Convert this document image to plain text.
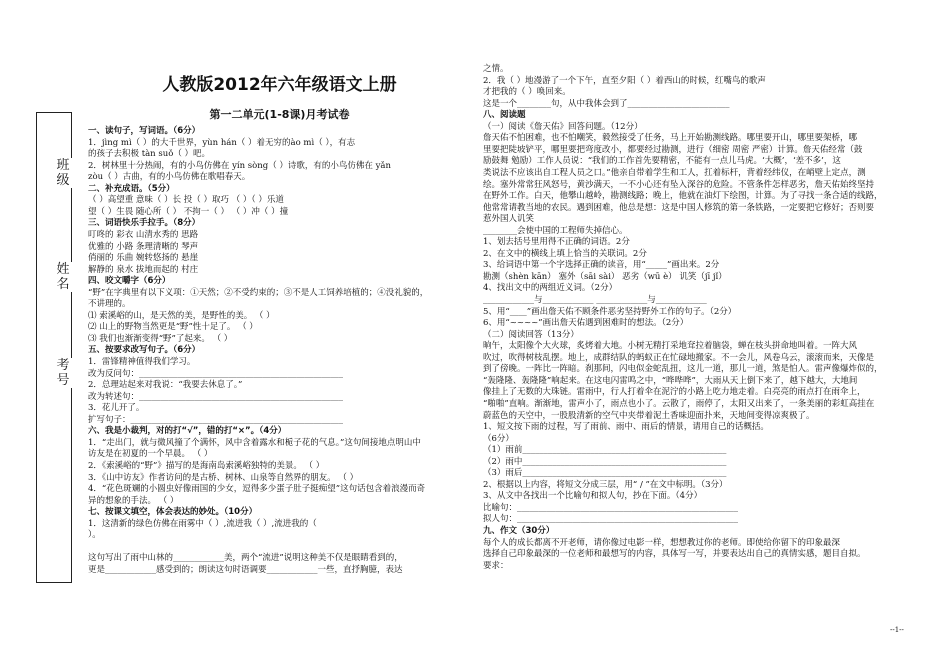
人教版2012年六年级语文上册
第一二单元(1-8课)月考试卷
班 级
姓 名
考 号
一、读句子，写词语。（6分）
1．jìng mì（ ）的大千世界，yùn hán（ ）着无穷的ào mì（ ），有志
的孩子去积极 tàn suǒ（ ）吧。
2．树林里十分热闹，有的小鸟仿佛在 yín sòng（ ）诗歌，有的小鸟仿佛在 yǎn
zòu（ ）古曲，有的小鸟仿佛在歌唱春天。
二、补充成语。（5分）
（ ）高望重 意味（ ）长 投（ ）取巧 （ ）（ ）乐道
望（ ）生畏 随心所（ ） 不拘一（ ） （ ）冲（ ）撞
三、词语快乐手拉手。（8分）
叮咚的 彩衣 山清水秀的 思路
优雅的 小路 条理清晰的 琴声
俏丽的 乐曲 婉转悠扬的 悬崖
解静的 泉水 拔地而起的 村庄
四、咬文嚼字（6分）
“野”在字典里有以下义项：①天然；②不受约束的；③不是人工饲养培植的；④没礼貌的，
不讲理的。
⑴ 索溪峪的山，是天然的美，是野性的美。 （ ）
⑵ 山上的野物当然更是“野”性十足了。 （ ）
⑶ 我们也渐渐变得“野”了起来。 （ ）
五、按要求改写句子。（6分）
1．雷锋精神值得我们学习。
改为反问句：________________________________________________
2．总理站起来对我说：“我要去休息了。”
改为转述句：________________________________________________
3．花儿开了。
扩写句子：__________________________________________________
六、我是小裁判，对的打“√”，错的打“×”。（4分）
1．“走出门，就与微风撞了个满怀，风中含着露水和栀子花的气息。”这句间接地点明山中
访友是在初夏的一个早晨。 （ ）
2．《索溪峪的“野”》描写的是海南岛索溪峪独特的美景。 （ ）
3．《山中访友》作者访问的是古桥、树林、山泉等自然界的朋友。 （ ）
4．“花色斑斓的小圆虫好像雨国的少女，逗得多少蛋子肚子挺痴望”这句话包含着浪漫而奇
异的想象的手法。 （ ）
七、按课文填空，体会表达的妙处。（10分）
1．这清新的绿色仿佛在雨雾中（ ）,流进我（ ）,流进我的（
）。
这句写出了雨中山林的____________美，两个“流进”说明这种美不仅是眼睛看到的，
更是____________感受到的；朗读这句时语调要____________一些，直抒胸臆，表达
之情。
2．我（ ）地漫游了一个下午，直至夕阳（ ）着西山的时候，红嘴鸟的歌声
才把我的（ ）唤回来。
这是一个________句，从中我体会到了________________________
八、阅读题
（一）阅读《詹天佑》回答问题。（12分）
詹天佑不怕困难，也不怕嘲笑，毅然接受了任务，马上开始勘测线路。哪里要开山，哪里要架桥，哪
里要把陡坡铲平，哪里要把弯度改小，都要经过勘测，进行（细密 周密 严密）计算。詹天佑经常（鼓
励鼓舞 勉励）工作人员说：“我们的工作首先要精密，不能有一点儿马虎。‘大概’，‘差不多’，这
类说法不应该出自工程人员之口。”他亲自带着学生和工人，扛着标杆，背着经纬仪，在峭壁上定点，测
绘。塞外常常狂风怒号，黄沙满天，一不小心还有坠入深谷的危险。不管条件怎样恶劣，詹天佑始终坚持
在野外工作。白天，他攀山越岭，勘测线路；晚上，他就在油灯下绘图，计算。为了寻找一条合适的线路，
他常常请教当地的农民。遇到困难，他总是想：这是中国人修筑的第一条铁路，一定要把它修好；否则要
惹外国人讥笑
________会使中国的工程师失掉信心。
1、划去括号里用得不正确的词语。2分
2、在文中的横线上填上恰当的关联词。2分
3、给词语中第一个字选择正确的读音，用“_____”画出来。2分
勘测（shèn kān） 塞外（sāi sài） 恶劣（wū è） 讥笑（jī jǐ）
4、找出文中的两组近义词。（2分）
____________与____________ ____________与____________
5、用“____”画出詹天佑不顾条件恶劣坚持野外工作的句子。（2分）
6、用“~~~~”画出詹天佑遇到困难时的想法。（2分）
（二）阅读回答（13分）
晌午，太阳像个大火球，炙烤着大地。小树无精打采地耷拉着脑袋，蝉在枝头拼命地叫着。一阵大风
吹过，吹得树枝乱摆。地上，成群结队的蚂蚁正在忙碌地搬家。不一会儿，风卷乌云，滚滚而来，天像是
到了傍晚。一阵比一阵暗。刹那间，闪电似金蛇乱扭，这儿一道，那儿一道，煞是怕人。雷声像爆炸似的，
“轰隆隆、轰隆隆”响起来。在这电闪雷鸣之中，“哗哗哗”，大雨从天上倒下来了，越下越大，大地间
像挂上了无数的大珠链。雷雨中，行人打着伞在泥泞的小路上吃力地走着。白亮亮的雨点打在雨伞上，
“啪啪”直响。渐渐地，雷声小了，雨点也小了。云散了，雨停了，太阳又出来了，一条美丽的彩虹高挂在
蔚蓝色的天空中，一股股清新的空气中夹带着泥土香味迎面扑来，天地间变得凉爽极了。
1、短文按下雨的过程，写了雨前、雨中、雨后的情景，请用自己的话概括。
（6分）
（1）雨前________________________________________________
（2）雨中________________________________________________
（3）雨后________________________________________________
2、根据以上内容，将短文分成三层，用“ / ”在文中标明。（3分）
3、从文中各找出一个比喻句和拟人句，抄在下面。（4分）
比喻句：____________________________________________________
拟人句：____________________________________________________
九、作文（30分）
每个人的成长都离不开老师，请你像过电影一样，想想教过你的老师。即使给你留下的印象最深
选择自己印象最深的一位老师和最想写的内容，具体写一写，并要表达出自己的真情实感，题目自拟。
要求：
--1--
